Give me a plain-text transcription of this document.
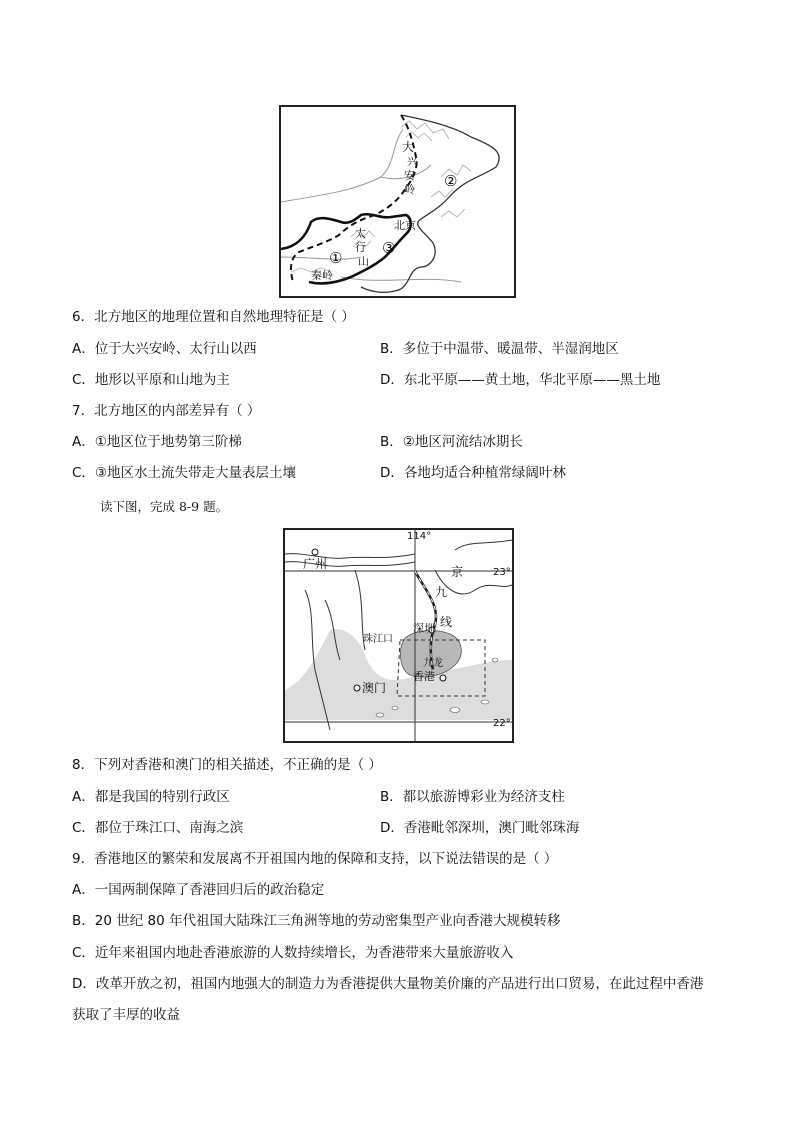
大
兴
安
岭 ②
北京
太
行
山
③
①
秦岭
6．北方地区的地理位置和自然地理特征是（ ）
A．位于大兴安岭、太行山以西	B．多位于中温带、暖温带、半湿润地区
C．地形以平原和山地为主	D．东北平原——黄土地，华北平原——黑土地
7．北方地区的内部差异有（ ）
A．①地区位于地势第三阶梯	B．②地区河流结冰期长
C．③地区水土流失带走大量表层土壤	D．各地均适合种植常绿阔叶林
读下图，完成 8-9 题。
114°
23°
22°
广州
京
九
线
深圳
珠江口
九龙
香港
澳门
8．下列对香港和澳门的相关描述，不正确的是（ ）
A．都是我国的特别行政区	B．都以旅游博彩业为经济支柱
C．都位于珠江口、南海之滨	D．香港毗邻深圳，澳门毗邻珠海
9．香港地区的繁荣和发展离不开祖国内地的保障和支持，以下说法错误的是（ ）
A．一国两制保障了香港回归后的政治稳定
B．20 世纪 80 年代祖国大陆珠江三角洲等地的劳动密集型产业向香港大规模转移
C．近年来祖国内地赴香港旅游的人数持续增长，为香港带来大量旅游收入
D．改革开放之初，祖国内地强大的制造力为香港提供大量物美价廉的产品进行出口贸易，在此过程中香港
获取了丰厚的收益
